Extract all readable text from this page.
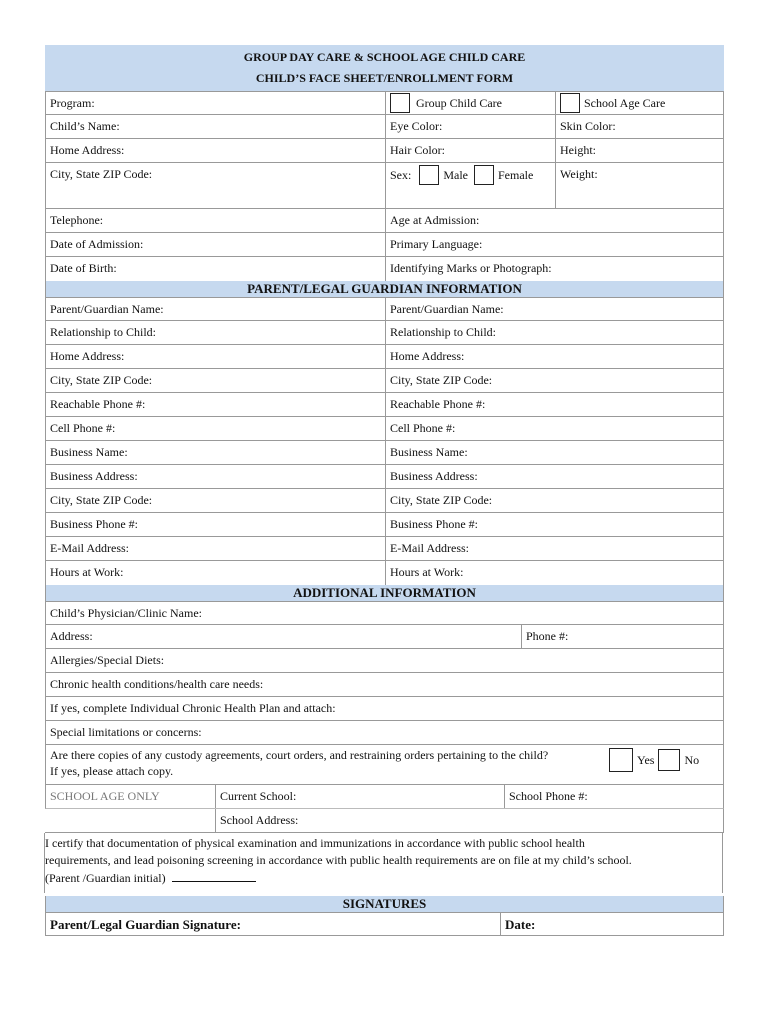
GROUP DAY CARE & SCHOOL AGE CHILD CARE
CHILD’S FACE SHEET/ENROLLMENT FORM
Program:	Group Child Care	School Age Care
Child’s Name:	Eye Color:	Skin Color:
Home Address:	Hair Color:	Height:
City, State ZIP Code:	Sex:	Male	Female	Weight:
Telephone:	Age at Admission:
Date of Admission:	Primary Language:
Date of Birth:	Identifying Marks or Photograph:
PARENT/LEGAL GUARDIAN INFORMATION
Parent/Guardian Name:	Parent/Guardian Name:
Relationship to Child:	Relationship to Child:
Home Address:	Home Address:
City, State ZIP Code:	City, State ZIP Code:
Reachable Phone #:	Reachable Phone #:
Cell Phone #:	Cell Phone #:
Business Name:	Business Name:
Business Address:	Business Address:
City, State ZIP Code:	City, State ZIP Code:
Business Phone #:	Business Phone #:
E-Mail Address:	E-Mail Address:
Hours at Work:	Hours at Work:
ADDITIONAL INFORMATION
Child’s Physician/Clinic Name:
Address:	Phone #:
Allergies/Special Diets:
Chronic health conditions/health care needs:
If yes, complete Individual Chronic Health Plan and attach:
Special limitations or concerns:
Are there copies of any custody agreements, court orders, and restraining orders pertaining to the child?
If yes, please attach copy.
Yes	No
SCHOOL AGE ONLY	Current School:	School Phone #:
School Address:
I certify that documentation of physical examination and immunizations in accordance with public school health
requirements, and lead poisoning screening in accordance with public health requirements are on file at my child’s school.
(Parent /Guardian initial)
SIGNATURES
Parent/Legal Guardian Signature:	Date:
